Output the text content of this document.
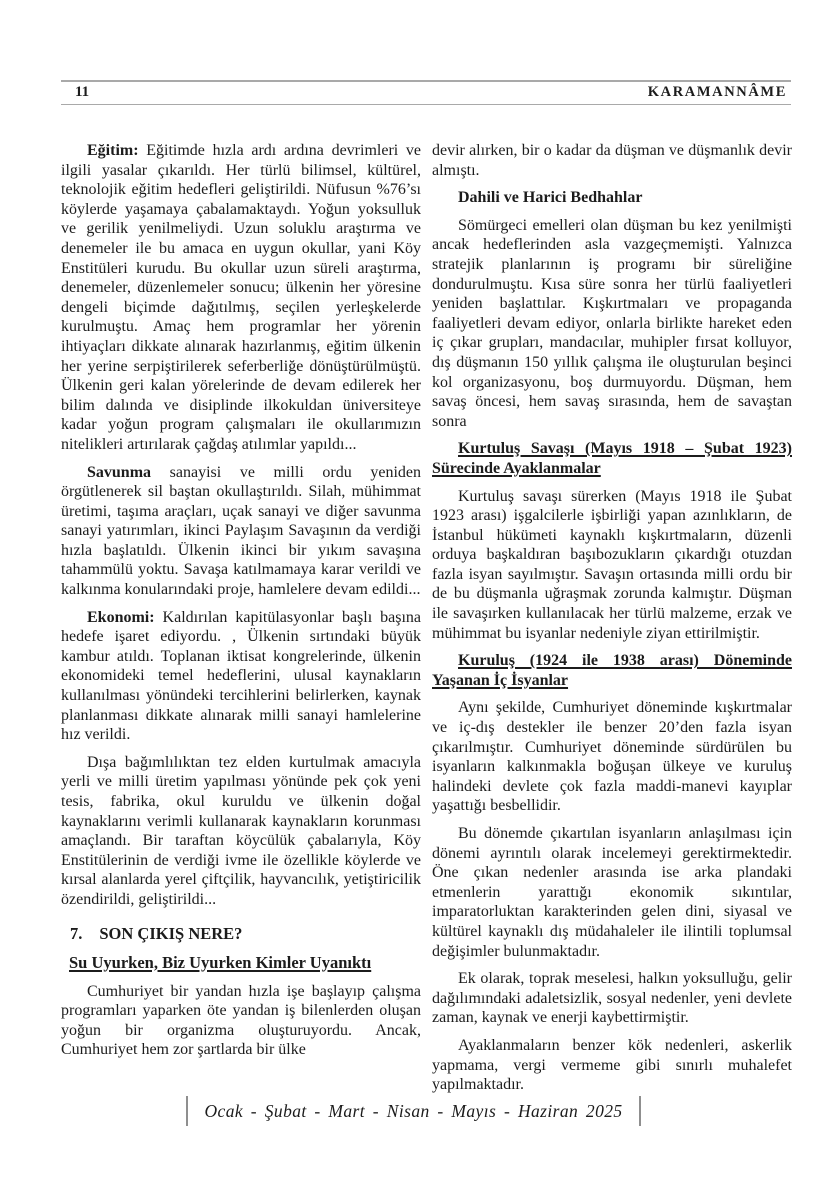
11	KARAMANNÂME

Eğitim: Eğitimde hızla ardı ardına devrimleri ve ilgili yasalar çıkarıldı. Her türlü bilimsel, kültürel, teknolojik eğitim hedefleri geliştirildi. Nüfusun %76’sı köylerde yaşamaya çabalamaktaydı. Yoğun yoksulluk ve gerilik yenilmeliydi. Uzun soluklu araştırma ve denemeler ile bu amaca en uygun okullar, yani Köy Enstitüleri kurudu. Bu okullar uzun süreli araştırma, denemeler, düzenlemeler sonucu; ülkenin her yöresine dengeli biçimde dağıtılmış, seçilen yerleşkelerde kurulmuştu. Amaç hem programlar her yörenin ihtiyaçları dikkate alınarak hazırlanmış, eğitim ülkenin her yerine serpiştirilerek seferberliğe dönüştürülmüştü. Ülkenin geri kalan yörelerinde de devam edilerek her bilim dalında ve disiplinde ilkokuldan üniversiteye kadar yoğun program çalışmaları ile okullarımızın nitelikleri artırılarak çağdaş atılımlar yapıldı...

Savunma sanayisi ve milli ordu yeniden örgütlenerek sil baştan okullaştırıldı. Silah, mühimmat üretimi, taşıma araçları, uçak sanayi ve diğer savunma sanayi yatırımları, ikinci Paylaşım Savaşının da verdiği hızla başlatıldı. Ülkenin ikinci bir yıkım savaşına tahammülü yoktu. Savaşa katılmamaya karar verildi ve kalkınma konularındaki proje, hamlelere devam edildi...

Ekonomi: Kaldırılan kapitülasyonlar başlı başına hedefe işaret ediyordu. , Ülkenin sırtındaki büyük kambur atıldı. Toplanan iktisat kongrelerinde, ülkenin ekonomideki temel hedeflerini, ulusal kaynakların kullanılması yönündeki tercihlerini belirlerken, kaynak planlanması dikkate alınarak milli sanayi hamlelerine hız verildi.

Dışa bağımlılıktan tez elden kurtulmak amacıyla yerli ve milli üretim yapılması yönünde pek çok yeni tesis, fabrika, okul kuruldu ve ülkenin doğal kaynaklarını verimli kullanarak kaynakların korunması amaçlandı. Bir taraftan köycülük çabalarıyla, Köy Enstitülerinin de verdiği ivme ile özellikle köylerde ve kırsal alanlarda yerel çiftçilik, hayvancılık, yetiştiricilik özendirildi, geliştirildi...

7. SON ÇIKIŞ NERE?
Su Uyurken, Biz Uyurken Kimler Uyanıktı

Cumhuriyet bir yandan hızla işe başlayıp çalışma programları yaparken öte yandan iş bilenlerden oluşan yoğun bir organizma oluşturuyordu. Ancak, Cumhuriyet hem zor şartlarda bir ülke

devir alırken, bir o kadar da düşman ve düşmanlık devir almıştı.

Dahili ve Harici Bedhahlar

Sömürgeci emelleri olan düşman bu kez yenilmişti ancak hedeflerinden asla vazgeçmemişti. Yalnızca stratejik planlarının iş programı bir süreliğine dondurulmuştu. Kısa süre sonra her türlü faaliyetleri yeniden başlattılar. Kışkırtmaları ve propaganda faaliyetleri devam ediyor, onlarla birlikte hareket eden iç çıkar grupları, mandacılar, muhipler fırsat kolluyor, dış düşmanın 150 yıllık çalışma ile oluşturulan beşinci kol organizasyonu, boş durmuyordu. Düşman, hem savaş öncesi, hem savaş sırasında, hem de savaştan sonra

Kurtuluş Savaşı (Mayıs 1918 – Şubat 1923) Sürecinde Ayaklanmalar

Kurtuluş savaşı sürerken (Mayıs 1918 ile Şubat 1923 arası) işgalcilerle işbirliği yapan azınlıkların, de İstanbul hükümeti kaynaklı kışkırtmaların, düzenli orduya başkaldıran başıbozukların çıkardığı otuzdan fazla isyan sayılmıştır. Savaşın ortasında milli ordu bir de bu düşmanla uğraşmak zorunda kalmıştır. Düşman ile savaşırken kullanılacak her türlü malzeme, erzak ve mühimmat bu isyanlar nedeniyle ziyan ettirilmiştir.

Kuruluş (1924 ile 1938 arası) Döneminde Yaşanan İç İsyanlar

Aynı şekilde, Cumhuriyet döneminde kışkırtmalar ve iç-dış destekler ile benzer 20’den fazla isyan çıkarılmıştır. Cumhuriyet döneminde sürdürülen bu isyanların kalkınmakla boğuşan ülkeye ve kuruluş halindeki devlete çok fazla maddi-manevi kayıplar yaşattığı besbellidir.

Bu dönemde çıkartılan isyanların anlaşılması için dönemi ayrıntılı olarak incelemeyi gerektirmektedir. Öne çıkan nedenler arasında ise arka plandaki etmenlerin yarattığı ekonomik sıkıntılar, imparatorluktan karakterinden gelen dini, siyasal ve kültürel kaynaklı dış müdahaleler ile ilintili toplumsal değişimler bulunmaktadır.

Ek olarak, toprak meselesi, halkın yoksulluğu, gelir dağılımındaki adaletsizlik, sosyal nedenler, yeni devlete zaman, kaynak ve enerji kaybettirmiştir.

Ayaklanmaların benzer kök nedenleri, askerlik yapmama, vergi vermeme gibi sınırlı muhalefet yapılmaktadır.

Ocak - Şubat - Mart - Nisan - Mayıs - Haziran 2025
